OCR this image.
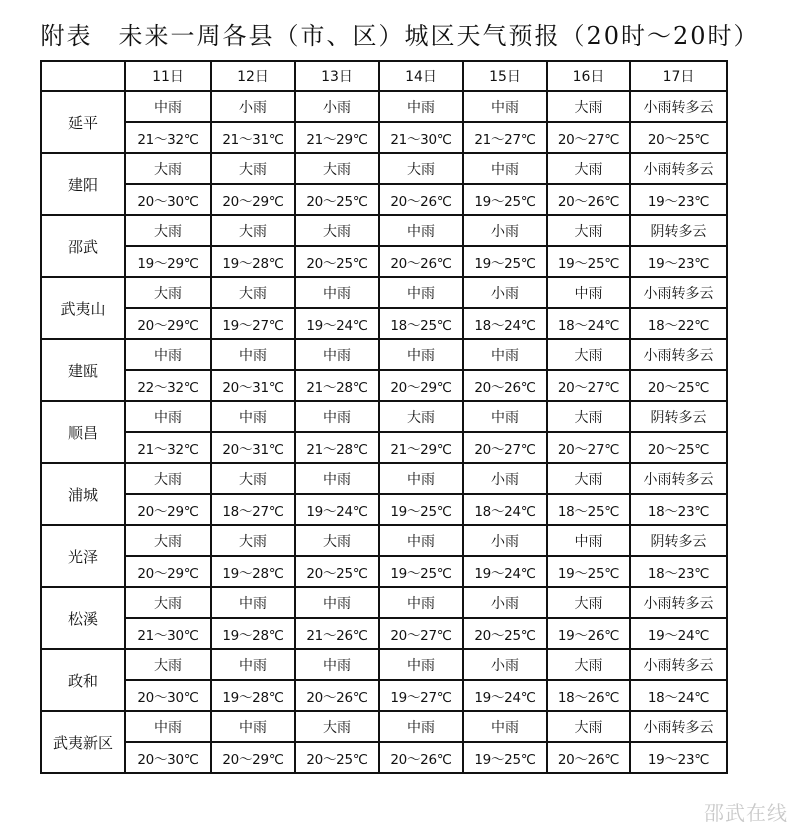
附表　未来一周各县（市、区）城区天气预报（20时～20时）
	11日	12日	13日	14日	15日	16日	17日
延平	中雨	小雨	小雨	中雨	中雨	大雨	小雨转多云
	21～32℃	21～31℃	21～29℃	21～30℃	21～27℃	20～27℃	20～25℃
建阳	大雨	大雨	大雨	大雨	中雨	大雨	小雨转多云
	20～30℃	20～29℃	20～25℃	20～26℃	19～25℃	20～26℃	19～23℃
邵武	大雨	大雨	大雨	中雨	小雨	大雨	阴转多云
	19～29℃	19～28℃	20～25℃	20～26℃	19～25℃	19～25℃	19～23℃
武夷山	大雨	大雨	中雨	中雨	小雨	中雨	小雨转多云
	20～29℃	19～27℃	19～24℃	18～25℃	18～24℃	18～24℃	18～22℃
建瓯	中雨	中雨	中雨	中雨	中雨	大雨	小雨转多云
	22～32℃	20～31℃	21～28℃	20～29℃	20～26℃	20～27℃	20～25℃
顺昌	中雨	中雨	中雨	大雨	中雨	大雨	阴转多云
	21～32℃	20～31℃	21～28℃	21～29℃	20～27℃	20～27℃	20～25℃
浦城	大雨	大雨	中雨	中雨	小雨	大雨	小雨转多云
	20～29℃	18～27℃	19～24℃	19～25℃	18～24℃	18～25℃	18～23℃
光泽	大雨	大雨	大雨	中雨	小雨	中雨	阴转多云
	20～29℃	19～28℃	20～25℃	19～25℃	19～24℃	19～25℃	18～23℃
松溪	大雨	中雨	中雨	中雨	小雨	大雨	小雨转多云
	21～30℃	19～28℃	21～26℃	20～27℃	20～25℃	19～26℃	19～24℃
政和	大雨	中雨	中雨	中雨	小雨	大雨	小雨转多云
	20～30℃	19～28℃	20～26℃	19～27℃	19～24℃	18～26℃	18～24℃
武夷新区	中雨	中雨	大雨	中雨	中雨	大雨	小雨转多云
	20～30℃	20～29℃	20～25℃	20～26℃	19～25℃	20～26℃	19～23℃
邵武在线
